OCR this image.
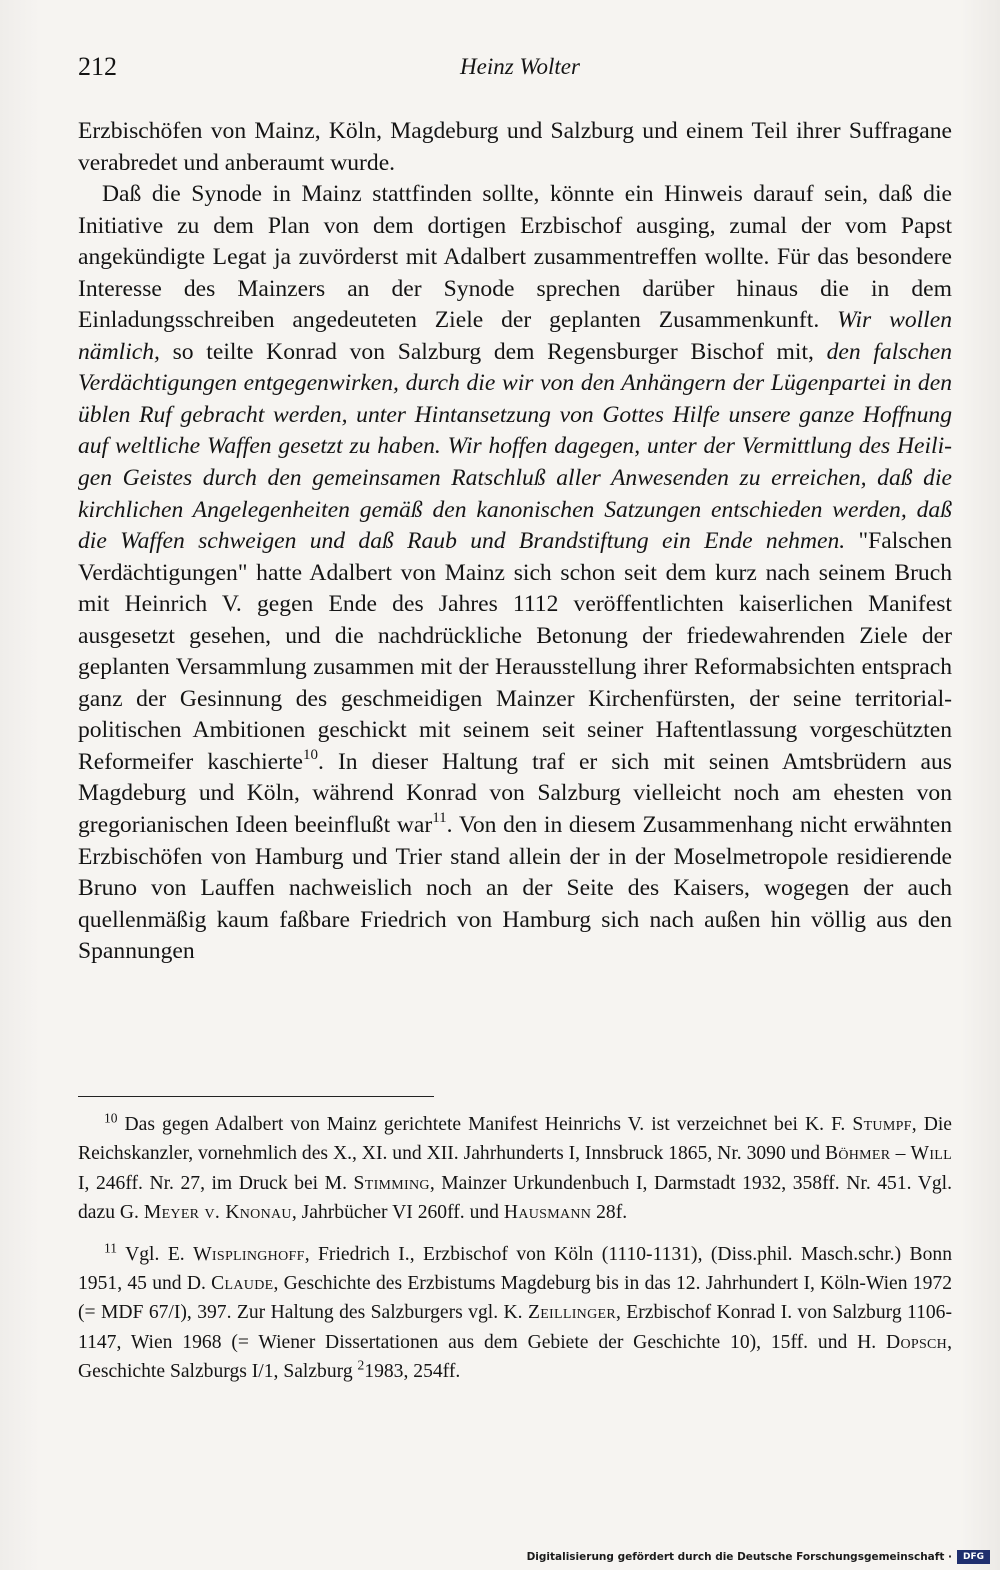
212	Heinz Wolter

Erzbischöfen von Mainz, Köln, Magdeburg und Salzburg und einem Teil ihrer Suffragane verabredet und anberaumt wurde.

Daß die Synode in Mainz stattfinden sollte, könnte ein Hinweis darauf sein, daß die Initiative zu dem Plan von dem dortigen Erzbischof ausging, zumal der vom Papst angekündigte Legat ja zuvörderst mit Adalbert zusammentreffen wollte. Für das besondere Interesse des Mainzers an der Synode sprechen darüber hinaus die in dem Einladungsschreiben angedeuteten Ziele der geplanten Zusammenkunft. Wir wollen nämlich, so teilte Konrad von Salzburg dem Regensburger Bischof mit, den falschen Verdächtigungen entgegenwirken, durch die wir von den Anhängern der Lügenpartei in den üblen Ruf gebracht werden, unter Hintansetzung von Gottes Hilfe unsere ganze Hoffnung auf weltliche Waffen gesetzt zu haben. Wir hoffen dagegen, unter der Vermittlung des Heiligen Geistes durch den gemeinsamen Ratschluß aller Anwesenden zu erreichen, daß die kirchlichen Angelegenheiten gemäß den kanonischen Satzungen entschieden werden, daß die Waffen schweigen und daß Raub und Brandstiftung ein Ende nehmen. "Falschen Verdächtigungen" hatte Adalbert von Mainz sich schon seit dem kurz nach seinem Bruch mit Heinrich V. gegen Ende des Jahres 1112 veröffentlichten kaiserlichen Manifest ausgesetzt gesehen, und die nachdrückliche Betonung der friedewahrenden Ziele der geplanten Versammlung zusammen mit der Herausstellung ihrer Reformabsichten entsprach ganz der Gesinnung des geschmeidigen Mainzer Kirchenfürsten, der seine territorialpolitischen Ambitionen geschickt mit seinem seit seiner Haftentlassung vorgeschützten Reformeifer kaschierte$^{10}$. In dieser Haltung traf er sich mit seinen Amtsbrüdern aus Magdeburg und Köln, während Konrad von Salzburg vielleicht noch am ehesten von gregorianischen Ideen beeinflußt war$^{11}$. Von den in diesem Zusammenhang nicht erwähnten Erzbischöfen von Hamburg und Trier stand allein der in der Moselmetropole residierende Bruno von Lauffen nachweislich noch an der Seite des Kaisers, wogegen der auch quellenmäßig kaum faßbare Friedrich von Hamburg sich nach außen hin völlig aus den Spannungen

$^{10}$ Das gegen Adalbert von Mainz gerichtete Manifest Heinrichs V. ist verzeichnet bei K. F. Stumpf, Die Reichskanzler, vornehmlich des X., XI. und XII. Jahrhunderts I, Innsbruck 1865, Nr. 3090 und Böhmer – Will I, 246ff. Nr. 27, im Druck bei M. Stimming, Mainzer Urkundenbuch I, Darmstadt 1932, 358ff. Nr. 451. Vgl. dazu G. Meyer v. Knonau, Jahrbücher VI 260ff. und Hausmann 28f.

$^{11}$ Vgl. E. Wisplinghoff, Friedrich I., Erzbischof von Köln (1110-1131), (Diss.phil. Masch.schr.) Bonn 1951, 45 und D. Claude, Geschichte des Erzbistums Magdeburg bis in das 12. Jahrhundert I, Köln-Wien 1972 (= MDF 67/I), 397. Zur Haltung des Salzburgers vgl. K. Zeillinger, Erzbischof Konrad I. von Salzburg 1106-1147, Wien 1968 (= Wiener Dissertationen aus dem Gebiete der Geschichte 10), 15ff. und H. Dopsch, Geschichte Salzburgs I/1, Salzburg $^2$1983, 254ff.

Digitalisierung gefördert durch die Deutsche Forschungsgemeinschaft ·	DFG
